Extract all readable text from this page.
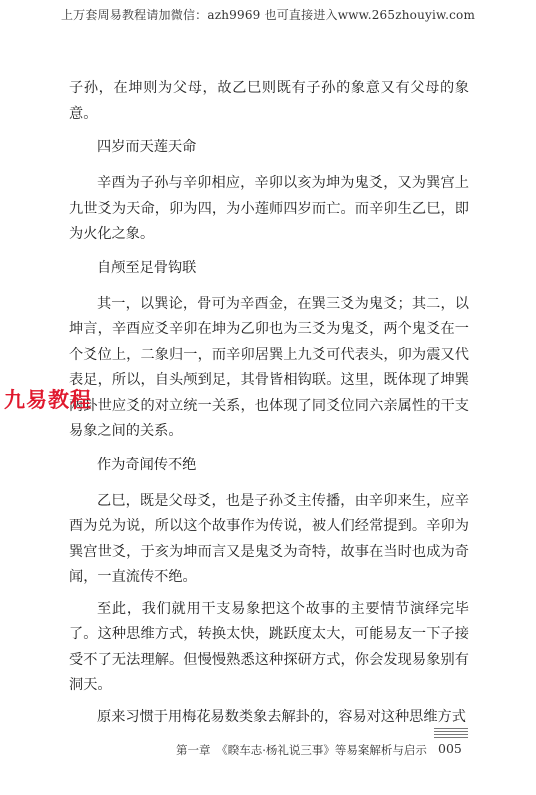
上万套周易教程请加微信：azh9969 也可直接进入www.265zhouyiw.com

子孙，在坤则为父母，故乙巳则既有子孙的象意又有父母的象意。

四岁而天莲天命

辛酉为子孙与辛卯相应，辛卯以亥为坤为鬼爻，又为巽宫上九世爻为天命，卯为四，为小莲师四岁而亡。而辛卯生乙巳，即为火化之象。

自颅至足骨钩联

其一，以巽论，骨可为辛酉金，在巽三爻为鬼爻；其二，以坤言，辛酉应爻辛卯在坤为乙卯也为三爻为鬼爻，两个鬼爻在一个爻位上，二象归一，而辛卯居巽上九爻可代表头，卯为震又代表足，所以，自头颅到足，其骨皆相钩联。这里，既体现了坤巽两卦世应爻的对立统一关系，也体现了同爻位同六亲属性的干支易象之间的关系。

作为奇闻传不绝

乙巳，既是父母爻，也是子孙爻主传播，由辛卯来生，应辛酉为兑为说，所以这个故事作为传说，被人们经常提到。辛卯为巽宫世爻，于亥为坤而言又是鬼爻为奇特，故事在当时也成为奇闻，一直流传不绝。

至此，我们就用干支易象把这个故事的主要情节演绎完毕了。这种思维方式，转换太快，跳跃度太大，可能易友一下子接受不了无法理解。但慢慢熟悉这种探研方式，你会发现易象别有洞天。

原来习惯于用梅花易数类象去解卦的，容易对这种思维方式

九易教程
第一章　《睽车志·杨礼说三事》等易案解析与启示 005
